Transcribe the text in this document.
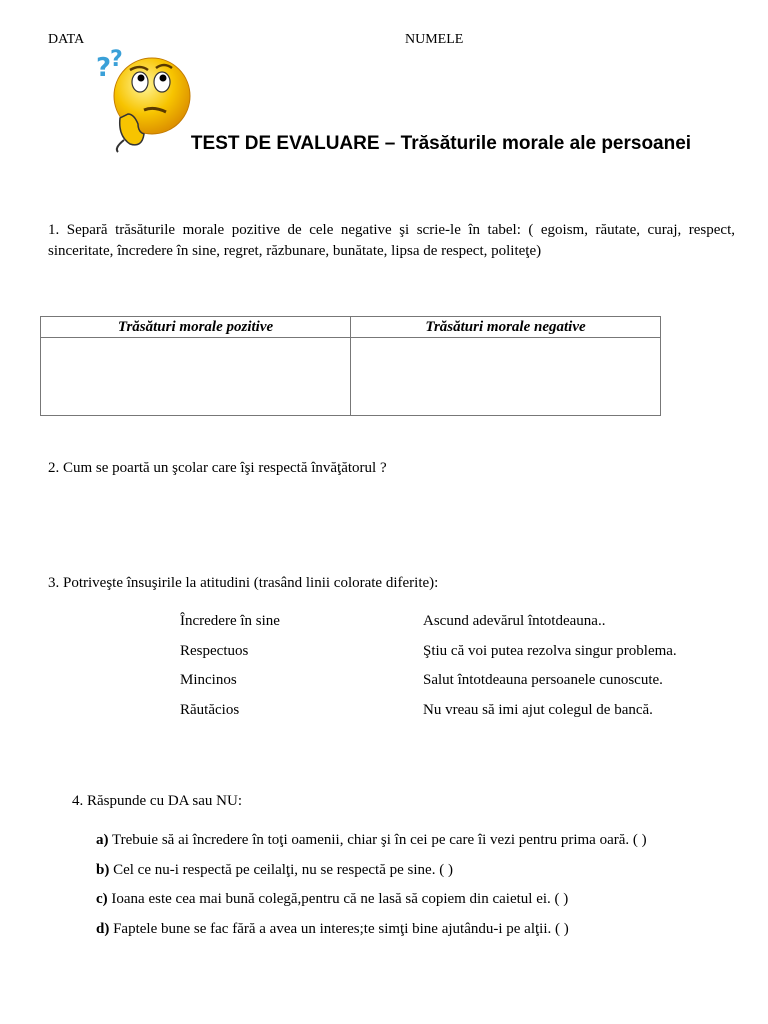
DATA	NUMELE
?
?
TEST DE EVALUARE – Trăsăturile morale ale persoanei
1. Separă trăsăturile morale pozitive de cele negative şi scrie-le în tabel: ( egoism, răutate, curaj, respect, sinceritate, încredere în sine, regret, răzbunare, bunătate, lipsa de respect, politeţe)
Trăsături morale pozitive	Trăsături morale negative

2. Cum se poartă un şcolar care îşi respectă învăţătorul ?
3. Potriveşte însuşirile la atitudini (trasând linii colorate diferite):
Încredere în sine
Respectuos
Mincinos
Răutăcios
Ascund adevărul întotdeauna..
Ştiu că voi putea rezolva singur problema.
Salut întotdeauna persoanele cunoscute.
Nu vreau să imi ajut colegul de bancă.
4. Răspunde cu DA sau NU:

a) Trebuie să ai încredere în toţi oamenii, chiar şi în cei pe care îi vezi pentru prima oară. ( )

b) Cel ce nu-i respectă pe ceilalţi, nu se respectă pe sine. ( )

c) Ioana este cea mai bună colegă,pentru că ne lasă să copiem din caietul ei. ( )

d) Faptele bune se fac fără a avea un interes;te simţi bine ajutându-i pe alţii. ( )
